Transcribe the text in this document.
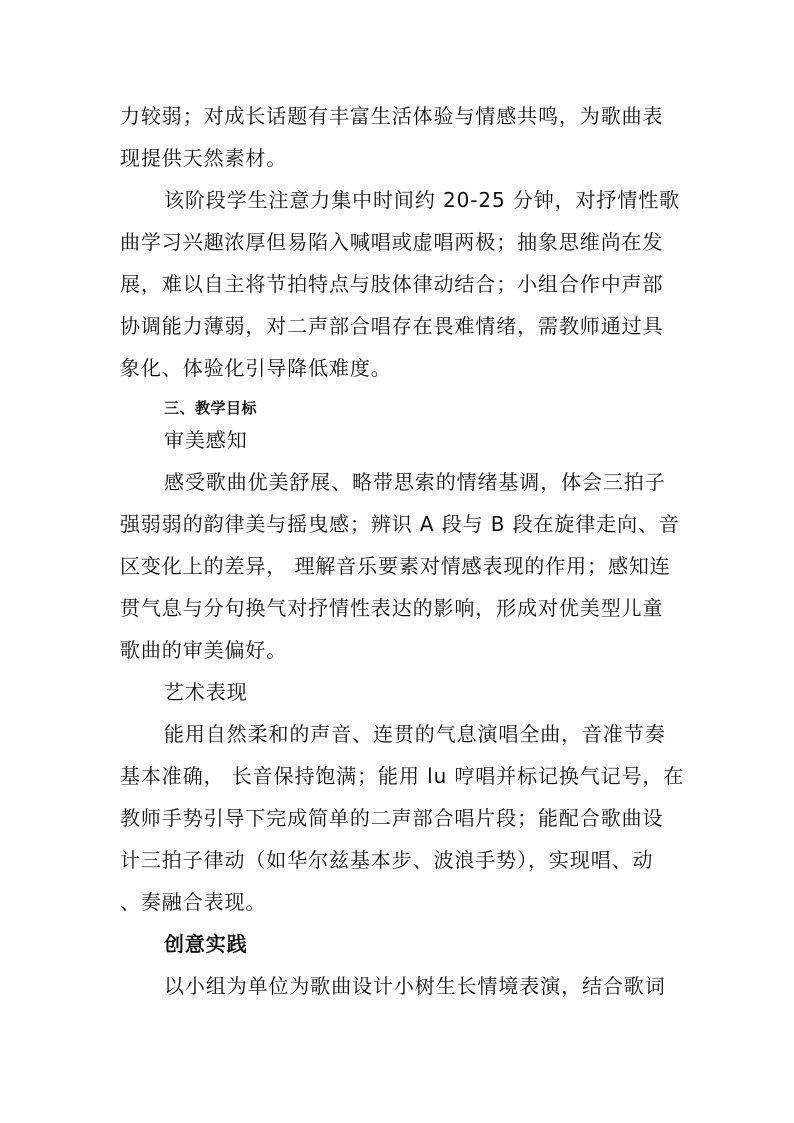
力较弱；对成长话题有丰富生活体验与情感共鸣，为歌曲表
现提供天然素材。
该阶段学生注意力集中时间约 20-25 分钟，对抒情性歌
曲学习兴趣浓厚但易陷入喊唱或虚唱两极；抽象思维尚在发
展，难以自主将节拍特点与肢体律动结合；小组合作中声部
协调能力薄弱，对二声部合唱存在畏难情绪，需教师通过具
象化、体验化引导降低难度。
三、教学目标
审美感知
感受歌曲优美舒展、略带思索的情绪基调，体会三拍子
强弱弱的韵律美与摇曳感；辨识 A 段与 B 段在旋律走向、音
区变化上的差异， 理解音乐要素对情感表现的作用；感知连
贯气息与分句换气对抒情性表达的影响，形成对优美型儿童
歌曲的审美偏好。
艺术表现
能用自然柔和的声音、连贯的气息演唱全曲，音准节奏
基本准确， 长音保持饱满；能用 lu 哼唱并标记换气记号，在
教师手势引导下完成简单的二声部合唱片段；能配合歌曲设
计三拍子律动（如华尔兹基本步、波浪手势），实现唱、动
、奏融合表现。
创意实践
以小组为单位为歌曲设计小树生长情境表演，结合歌词
